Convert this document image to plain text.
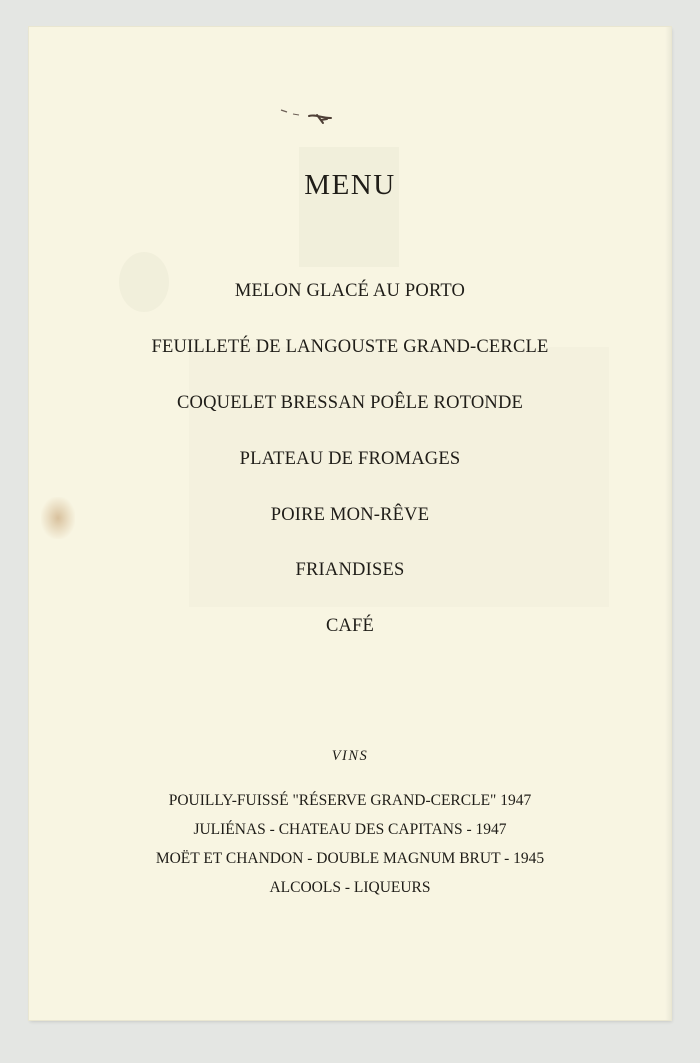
MENU
MELON GLACÉ AU PORTO
FEUILLETÉ DE LANGOUSTE GRAND-CERCLE
COQUELET BRESSAN POÊLE ROTONDE
PLATEAU DE FROMAGES
POIRE MON-RÊVE
FRIANDISES
CAFÉ
VINS
POUILLY-FUISSÉ "RÉSERVE GRAND-CERCLE" 1947
JULIÉNAS - CHATEAU DES CAPITANS - 1947
MOËT ET CHANDON - DOUBLE MAGNUM BRUT - 1945
ALCOOLS - LIQUEURS
